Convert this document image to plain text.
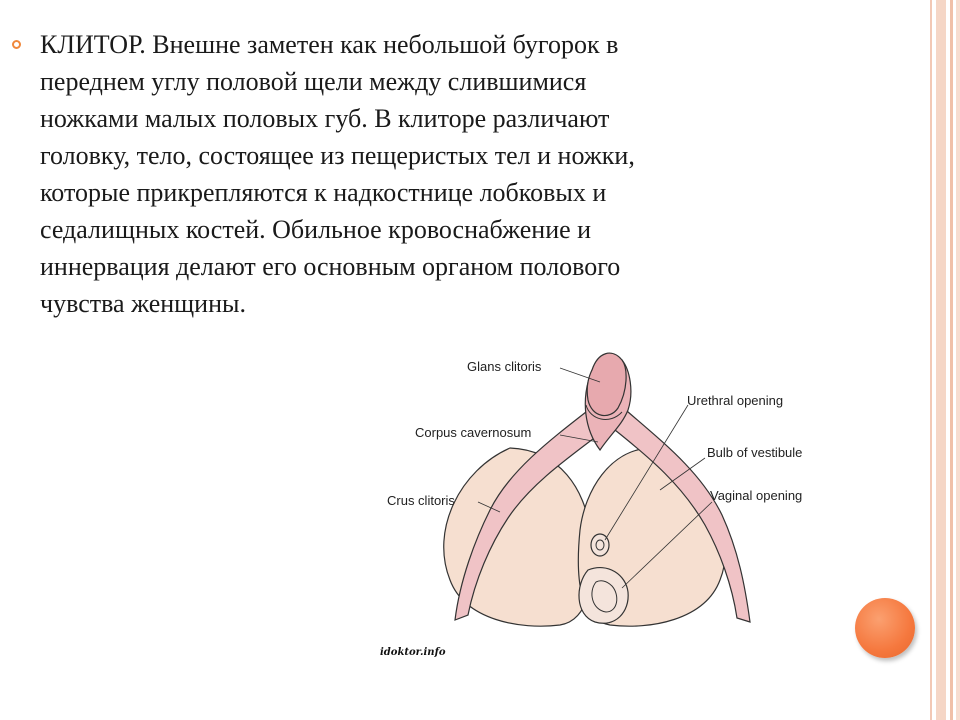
КЛИТОР. Внешне заметен как небольшой бугорок в
переднем углу половой щели между слившимися
ножками малых половых губ. В клиторе различают
головку, тело, состоящее из пещеристых тел и ножки,
которые прикрепляются к надкостнице лобковых и
седалищных костей. Обильное кровоснабжение и
иннервация делают его основным органом полового
чувства женщины.
Glans clitoris
Corpus cavernosum
Crus clitoris
Urethral opening
Bulb of vestibule
Vaginal opening
idoktor.info
